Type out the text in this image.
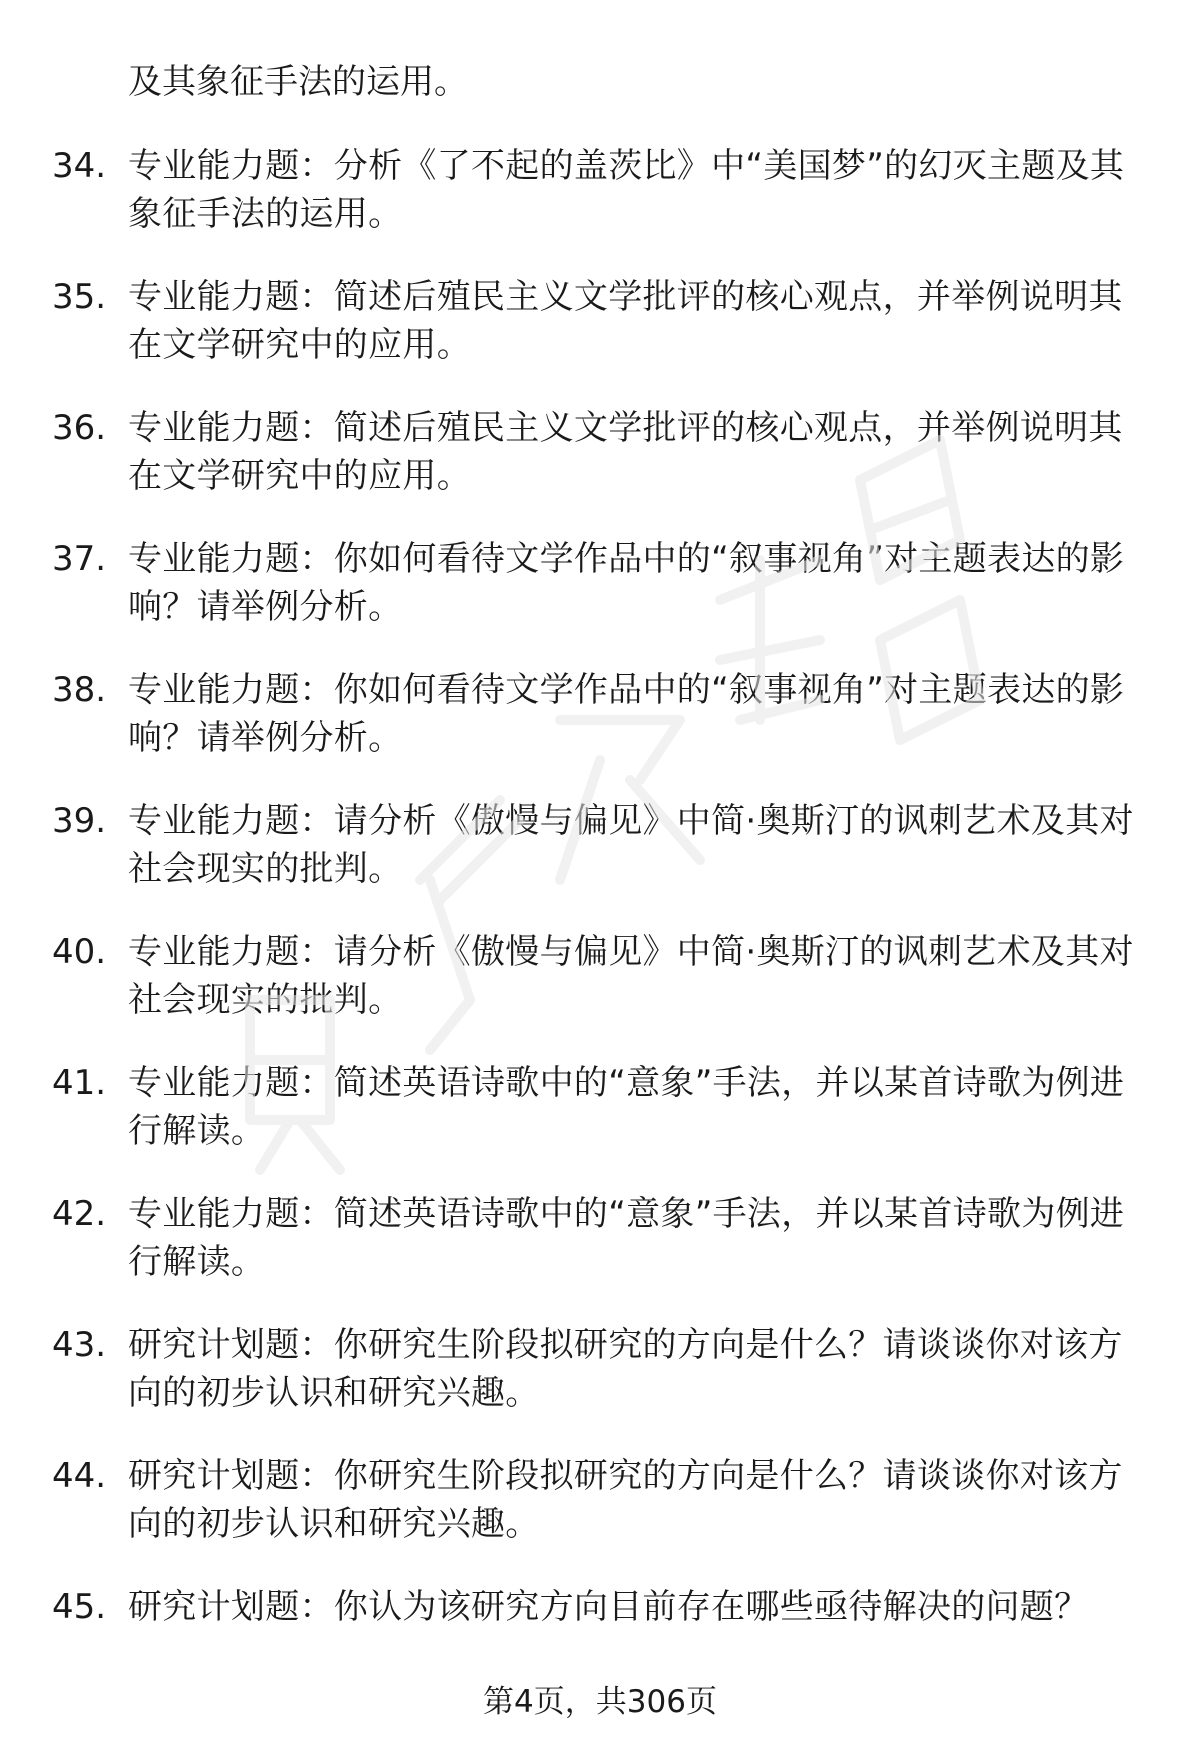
及其象征手法的运用。
34. 专业能力题：分析《了不起的盖茨比》中“美国梦”的幻灭主题及其象征手法的运用。
35. 专业能力题：简述后殖民主义文学批评的核心观点，并举例说明其在文学研究中的应用。
36. 专业能力题：简述后殖民主义文学批评的核心观点，并举例说明其在文学研究中的应用。
37. 专业能力题：你如何看待文学作品中的“叙事视角”对主题表达的影响？请举例分析。
38. 专业能力题：你如何看待文学作品中的“叙事视角”对主题表达的影响？请举例分析。
39. 专业能力题：请分析《傲慢与偏见》中简·奥斯汀的讽刺艺术及其对社会现实的批判。
40. 专业能力题：请分析《傲慢与偏见》中简·奥斯汀的讽刺艺术及其对社会现实的批判。
41. 专业能力题：简述英语诗歌中的“意象”手法，并以某首诗歌为例进行解读。
42. 专业能力题：简述英语诗歌中的“意象”手法，并以某首诗歌为例进行解读。
43. 研究计划题：你研究生阶段拟研究的方向是什么？请谈谈你对该方向的初步认识和研究兴趣。
44. 研究计划题：你研究生阶段拟研究的方向是什么？请谈谈你对该方向的初步认识和研究兴趣。
45. 研究计划题：你认为该研究方向目前存在哪些亟待解决的问题？
第4页，共306页
